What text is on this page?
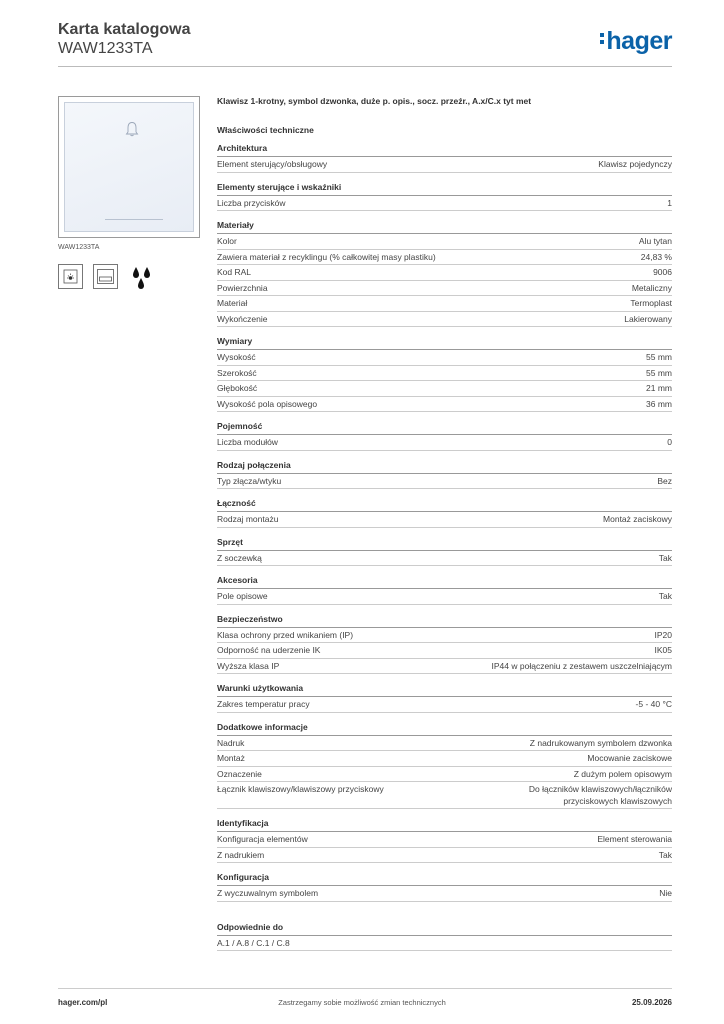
Karta katalogowa
WAW1233TA	hager
WAW1233TA
Klawisz 1-krotny, symbol dzwonka, duże p. opis., socz. przeźr., A.x/C.x tyt met
Właściwości techniczne
Architektura
Element sterujący/obsługowy	Klawisz pojedynczy
Elementy sterujące i wskaźniki
Liczba przycisków	1
Materiały
Kolor	Alu tytan
Zawiera materiał z recyklingu (% całkowitej masy plastiku)	24,83 %
Kod RAL	9006
Powierzchnia	Metaliczny
Materiał	Termoplast
Wykończenie	Lakierowany
Wymiary
Wysokość	55 mm
Szerokość	55 mm
Głębokość	21 mm
Wysokość pola opisowego	36 mm
Pojemność
Liczba modułów	0
Rodzaj połączenia
Typ złącza/wtyku	Bez
Łączność
Rodzaj montażu	Montaż zaciskowy
Sprzęt
Z soczewką	Tak
Akcesoria
Pole opisowe	Tak
Bezpieczeństwo
Klasa ochrony przed wnikaniem (IP)	IP20
Odporność na uderzenie IK	IK05
Wyższa klasa IP	IP44 w połączeniu z zestawem uszczelniającym
Warunki użytkowania
Zakres temperatur pracy	-5 - 40 °C
Dodatkowe informacje
Nadruk	Z nadrukowanym symbolem dzwonka
Montaż	Mocowanie zaciskowe
Oznaczenie	Z dużym polem opisowym
Łącznik klawiszowy/klawiszowy przyciskowy	Do łączników klawiszowych/łączników przyciskowych klawiszowych
Identyfikacja
Konfiguracja elementów	Element sterowania
Z nadrukiem	Tak
Konfiguracja
Z wyczuwalnym symbolem	Nie
Odpowiednie do
A.1 / A.8 / C.1 / C.8
hager.com/pl	Zastrzegamy sobie możliwość zmian technicznych	25.09.2026
